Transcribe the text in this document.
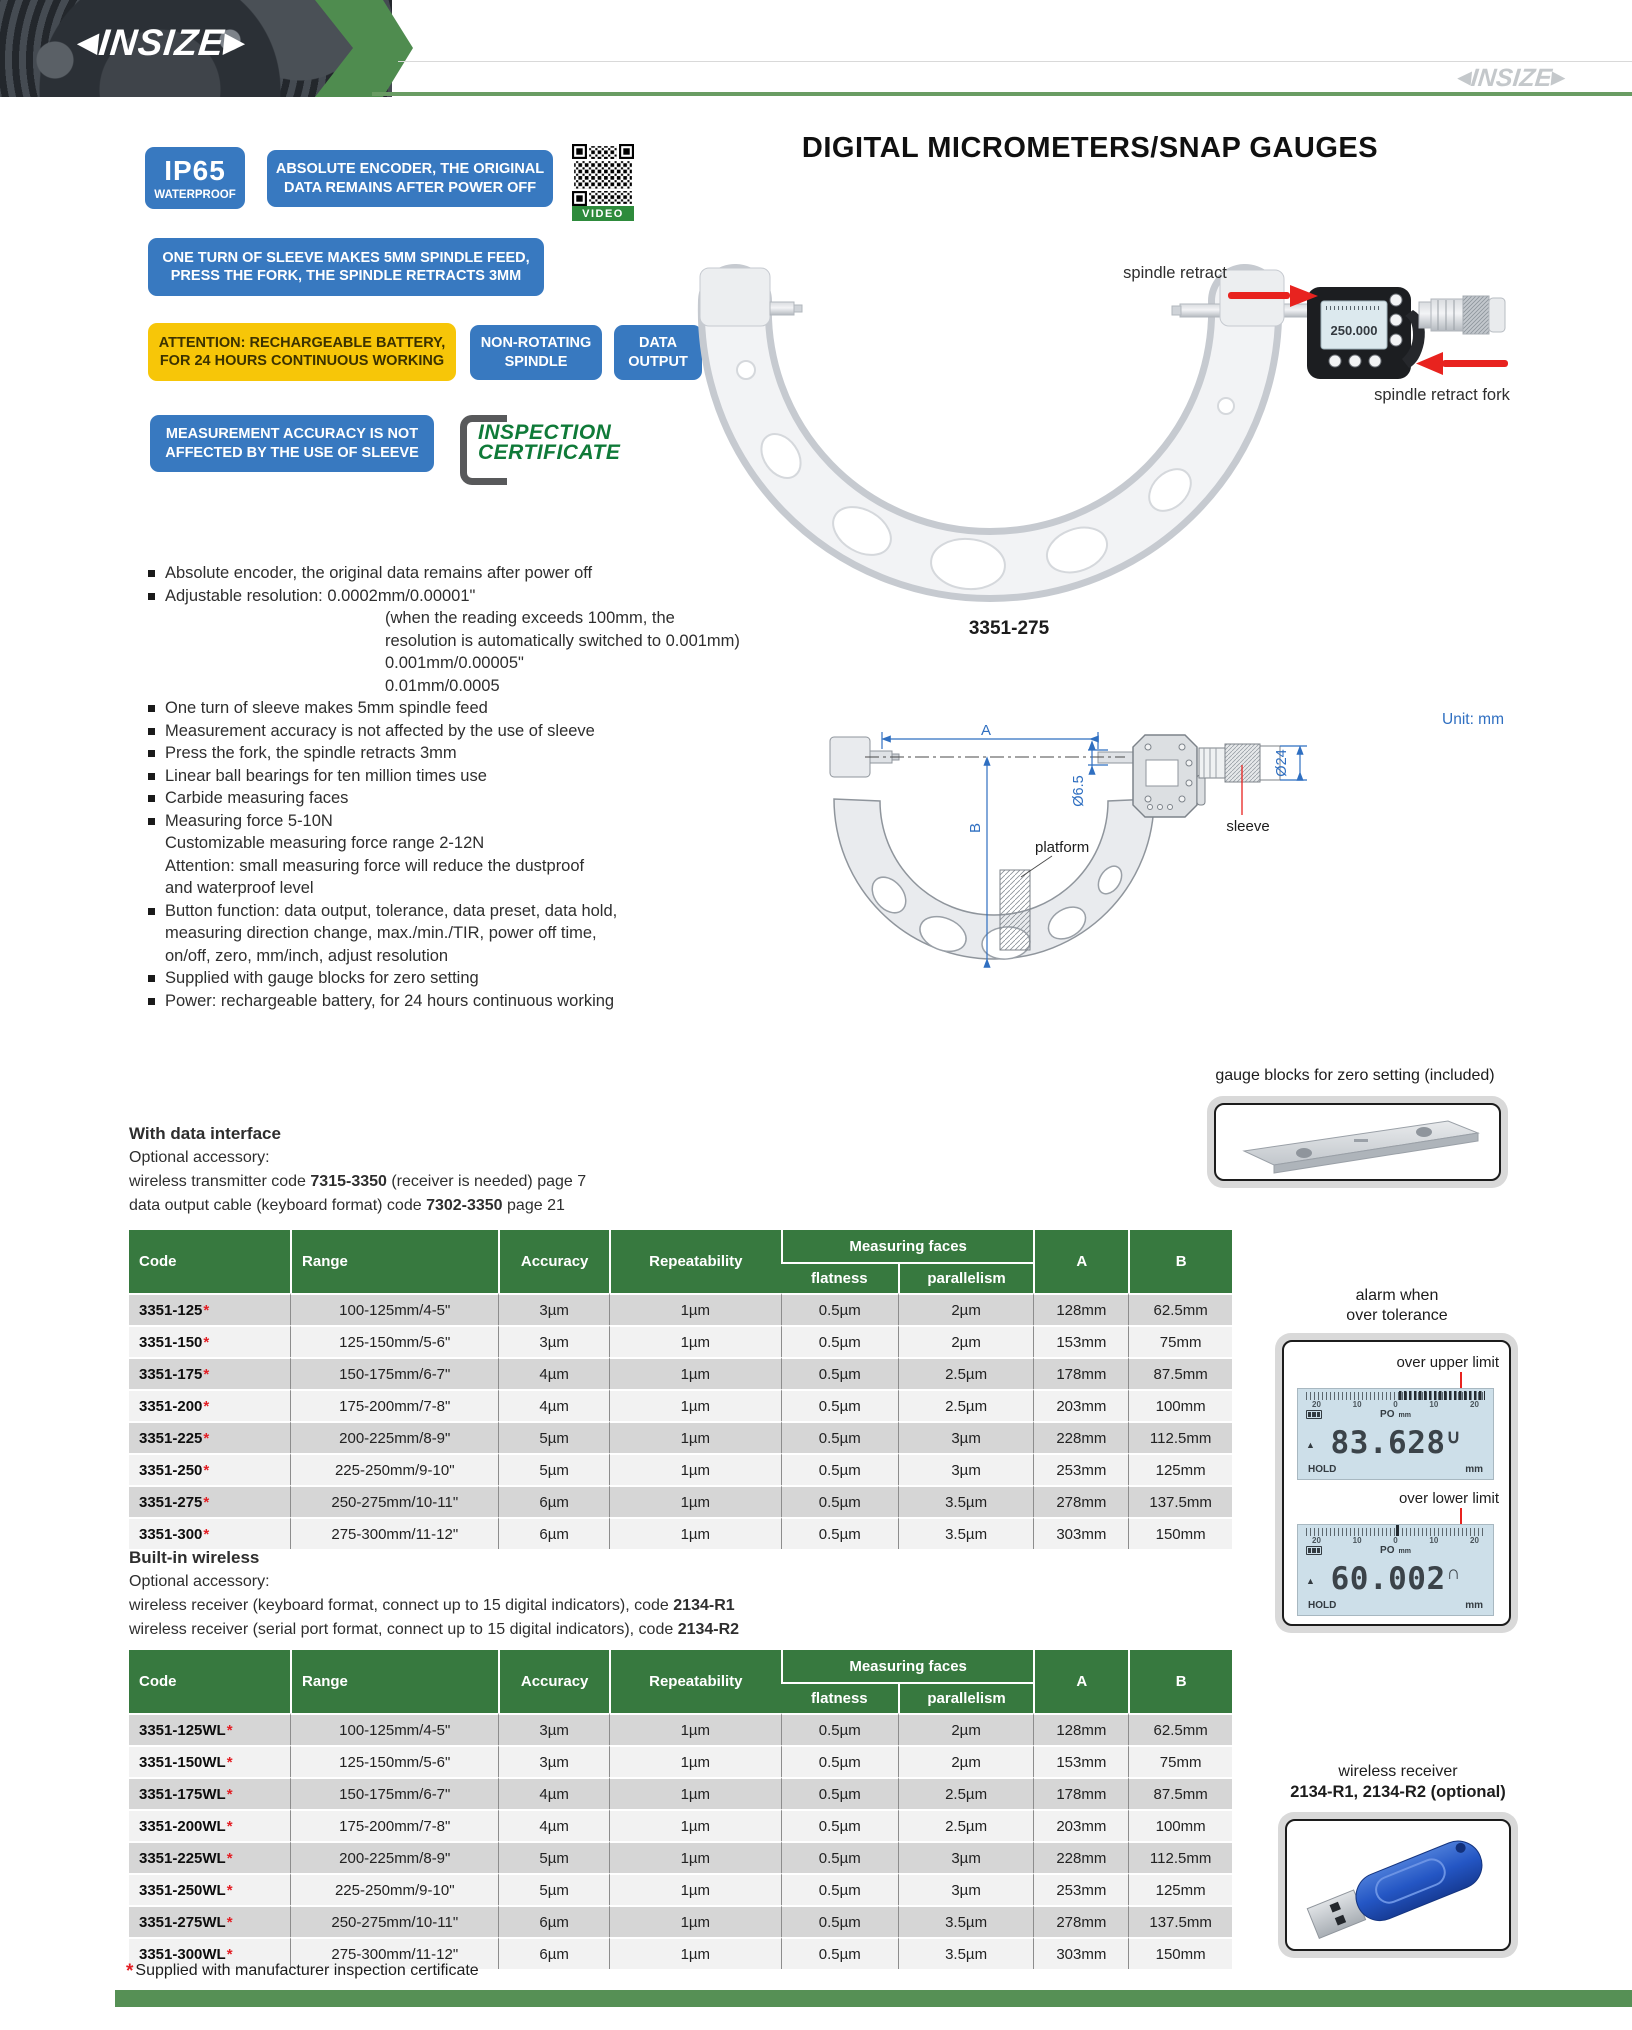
◀INSIZE▶
◀INSIZE▶
IP65
WATERPROOF
ABSOLUTE ENCODER, THE ORIGINAL DATA REMAINS AFTER POWER OFF
VIDEO
ONE TURN OF SLEEVE MAKES 5MM SPINDLE FEED, PRESS THE FORK, THE SPINDLE RETRACTS 3MM
ATTENTION: RECHARGEABLE BATTERY, FOR 24 HOURS CONTINUOUS WORKING
NON-ROTATING SPINDLE
DATA OUTPUT
MEASUREMENT ACCURACY IS NOT AFFECTED BY THE USE OF SLEEVE
INSPECTION
CERTIFICATE
DIGITAL MICROMETERS/SNAP GAUGES
250.000
spindle retract
spindle retract fork
3351-275
Unit: mm
A
B
Ø6.5
Ø24
sleeve
platform
Absolute encoder, the original data remains after power off
Adjustable resolution: 0.0002mm/0.00001"
(when the reading exceeds 100mm, the
resolution is automatically switched to 0.001mm)
0.001mm/0.00005"
0.01mm/0.0005
One turn of sleeve makes 5mm spindle feed
Measurement accuracy is not affected by the use of sleeve
Press the fork, the spindle retracts 3mm
Linear ball bearings for ten million times use
Carbide measuring faces
Measuring force 5-10N
Customizable measuring force range 2-12N
Attention: small measuring force will reduce the dustproof
and waterproof level
Button function: data output, tolerance, data preset, data hold,
measuring direction change, max./min./TIR, power off time,
on/off, zero, mm/inch, adjust resolution
Supplied with gauge blocks for zero setting
Power: rechargeable battery, for 24 hours continuous working
With data interface
Optional accessory:
wireless transmitter code 7315-3350 (receiver is needed) page 7
data output cable (keyboard format) code 7302-3350 page 21
Code	Range	Accuracy	Repeatability	Measuring faces		A	B
				flatness	parallelism		
3351-125*	100-125mm/4-5"	3µm	1µm	0.5µm	2µm	128mm	62.5mm
3351-150*	125-150mm/5-6"	3µm	1µm	0.5µm	2µm	153mm	75mm
3351-175*	150-175mm/6-7"	4µm	1µm	0.5µm	2.5µm	178mm	87.5mm
3351-200*	175-200mm/7-8"	4µm	1µm	0.5µm	2.5µm	203mm	100mm
3351-225*	200-225mm/8-9"	5µm	1µm	0.5µm	3µm	228mm	112.5mm
3351-250*	225-250mm/9-10"	5µm	1µm	0.5µm	3µm	253mm	125mm
3351-275*	250-275mm/10-11"	6µm	1µm	0.5µm	3.5µm	278mm	137.5mm
3351-300*	275-300mm/11-12"	6µm	1µm	0.5µm	3.5µm	303mm	150mm
Built-in wireless
Optional accessory:
wireless receiver (keyboard format, connect up to 15 digital indicators), code 2134-R1
wireless receiver (serial port format, connect up to 15 digital indicators), code 2134-R2
Code	Range	Accuracy	Repeatability	Measuring faces		A	B
				flatness	parallelism		
3351-125WL*	100-125mm/4-5"	3µm	1µm	0.5µm	2µm	128mm	62.5mm
3351-150WL*	125-150mm/5-6"	3µm	1µm	0.5µm	2µm	153mm	75mm
3351-175WL*	150-175mm/6-7"	4µm	1µm	0.5µm	2.5µm	178mm	87.5mm
3351-200WL*	175-200mm/7-8"	4µm	1µm	0.5µm	2.5µm	203mm	100mm
3351-225WL*	200-225mm/8-9"	5µm	1µm	0.5µm	3µm	228mm	112.5mm
3351-250WL*	225-250mm/9-10"	5µm	1µm	0.5µm	3µm	253mm	125mm
3351-275WL*	250-275mm/10-11"	6µm	1µm	0.5µm	3.5µm	278mm	137.5mm
3351-300WL*	275-300mm/11-12"	6µm	1µm	0.5µm	3.5µm	303mm	150mm
* Supplied with manufacturer inspection certificate
gauge blocks for zero setting (included)
alarm when
over tolerance
over upper limit
20	10	0	10	20
PO mm
▲ 83.628∪
HOLD	mm
over lower limit
20	10	0	10	20
PO mm
▲ 60.002∩
HOLD	mm
wireless receiver
2134-R1, 2134-R2 (optional)
